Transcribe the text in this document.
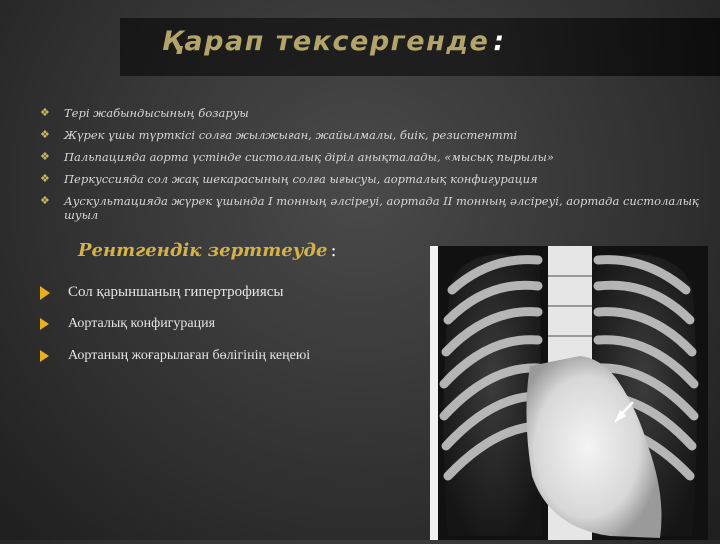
Қарап тексергенде :
❖ Тері жабындысының бозаруы
❖ Жүрек ұшы түрткісі солға жылжыған, жайылмалы, биік, резистентті
❖ Пальпацияда аорта үстінде систолалық діріл анықталады, «мысық пырылы»
❖ Перкуссияда сол жақ шекарасының солға ығысуы, аорталық конфигурация
❖ Аускультацияда жүрек ұшында I тонның әлсіреуі, аортада II тонның әлсіреуі, аортада систолалық шуыл
Рентгендік зерттеуде :
Сол қарыншаның гипертрофиясы
Аорталық конфигурация
Аортаның жоғарылаған бөлігінің кеңеюі
